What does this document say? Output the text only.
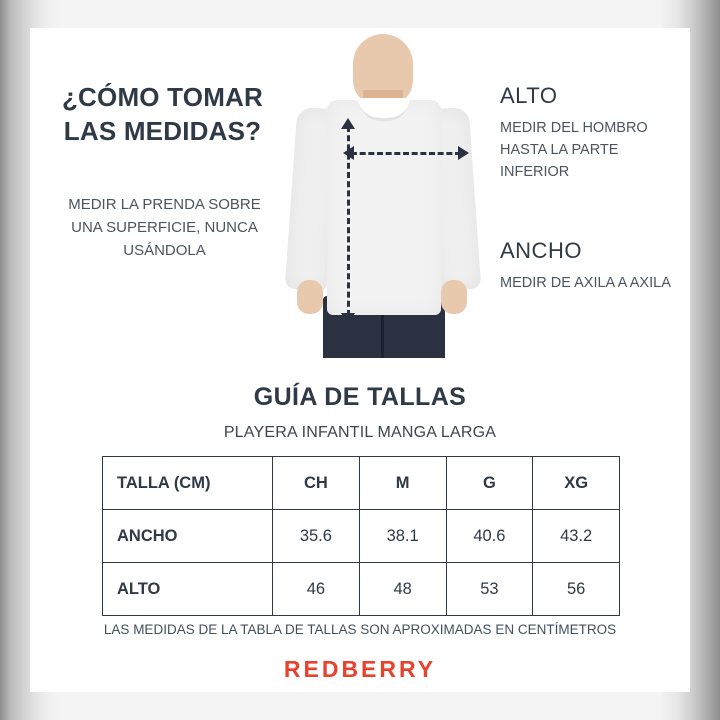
¿CÓMO TOMAR LAS MEDIDAS?
MEDIR LA PRENDA SOBRE UNA SUPERFICIE, NUNCA USÁNDOLA
ALTO
MEDIR DEL HOMBRO HASTA LA PARTE INFERIOR
ANCHO
MEDIR DE AXILA A AXILA
GUÍA DE TALLAS
PLAYERA INFANTIL MANGA LARGA
TALLA (CM)	CH	M	G	XG
ANCHO	35.6	38.1	40.6	43.2
ALTO	46	48	53	56
LAS MEDIDAS DE LA TABLA DE TALLAS SON APROXIMADAS EN CENTÍMETROS
REDBERRY
